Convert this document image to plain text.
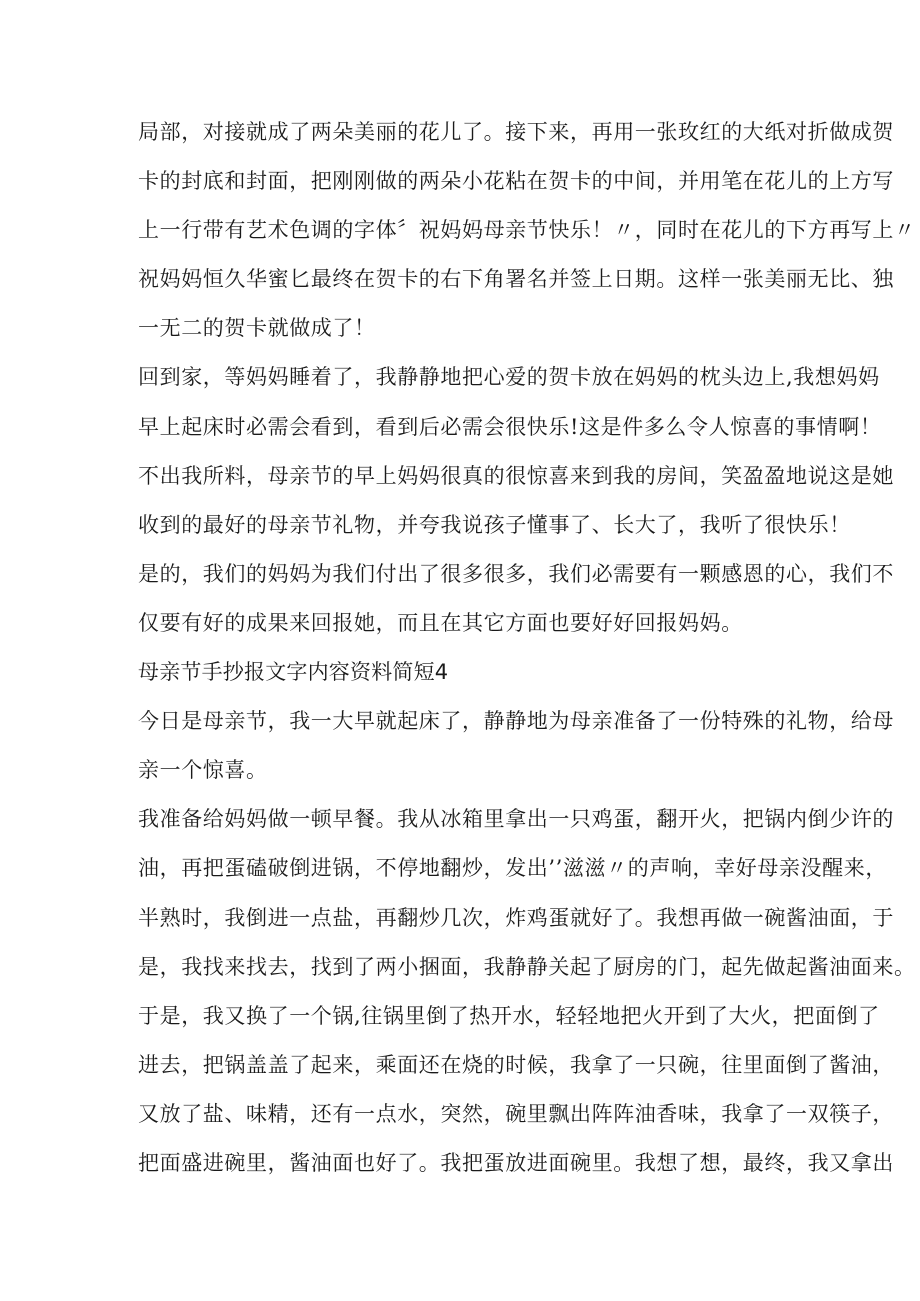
局部，对接就成了两朵美丽的花儿了。接下来，再用一张玫红的大纸对折做成贺
卡的封底和封面，把刚刚做的两朵小花粘在贺卡的中间，并用笔在花儿的上方写
上一行带有艺术色调的字体〞祝妈妈母亲节快乐！〃，同时在花儿的下方再写上〃
祝妈妈恒久华蜜匕最终在贺卡的右下角署名并签上日期。这样一张美丽无比、独
一无二的贺卡就做成了！
回到家，等妈妈睡着了，我静静地把心爱的贺卡放在妈妈的枕头边上,我想妈妈
早上起床时必需会看到，看到后必需会很快乐!这是件多么令人惊喜的事情啊！
不出我所料，母亲节的早上妈妈很真的很惊喜来到我的房间，笑盈盈地说这是她
收到的最好的母亲节礼物，并夸我说孩子懂事了、长大了，我听了很快乐！
是的，我们的妈妈为我们付出了很多很多，我们必需要有一颗感恩的心，我们不
仅要有好的成果来回报她，而且在其它方面也要好好回报妈妈。
母亲节手抄报文字内容资料简短4
今日是母亲节，我一大早就起床了，静静地为母亲准备了一份特殊的礼物，给母
亲一个惊喜。
我准备给妈妈做一顿早餐。我从冰箱里拿出一只鸡蛋，翻开火，把锅内倒少许的
油，再把蛋磕破倒进锅，不停地翻炒，发出’’滋滋〃的声响，幸好母亲没醒来，
半熟时，我倒进一点盐，再翻炒几次，炸鸡蛋就好了。我想再做一碗酱油面，于
是，我找来找去，找到了两小捆面，我静静关起了厨房的门，起先做起酱油面来。
于是，我又换了一个锅,往锅里倒了热开水，轻轻地把火开到了大火，把面倒了
进去，把锅盖盖了起来，乘面还在烧的时候，我拿了一只碗，往里面倒了酱油，
又放了盐、味精，还有一点水，突然，碗里飘出阵阵油香味，我拿了一双筷子，
把面盛进碗里，酱油面也好了。我把蛋放进面碗里。我想了想，最终，我又拿出
